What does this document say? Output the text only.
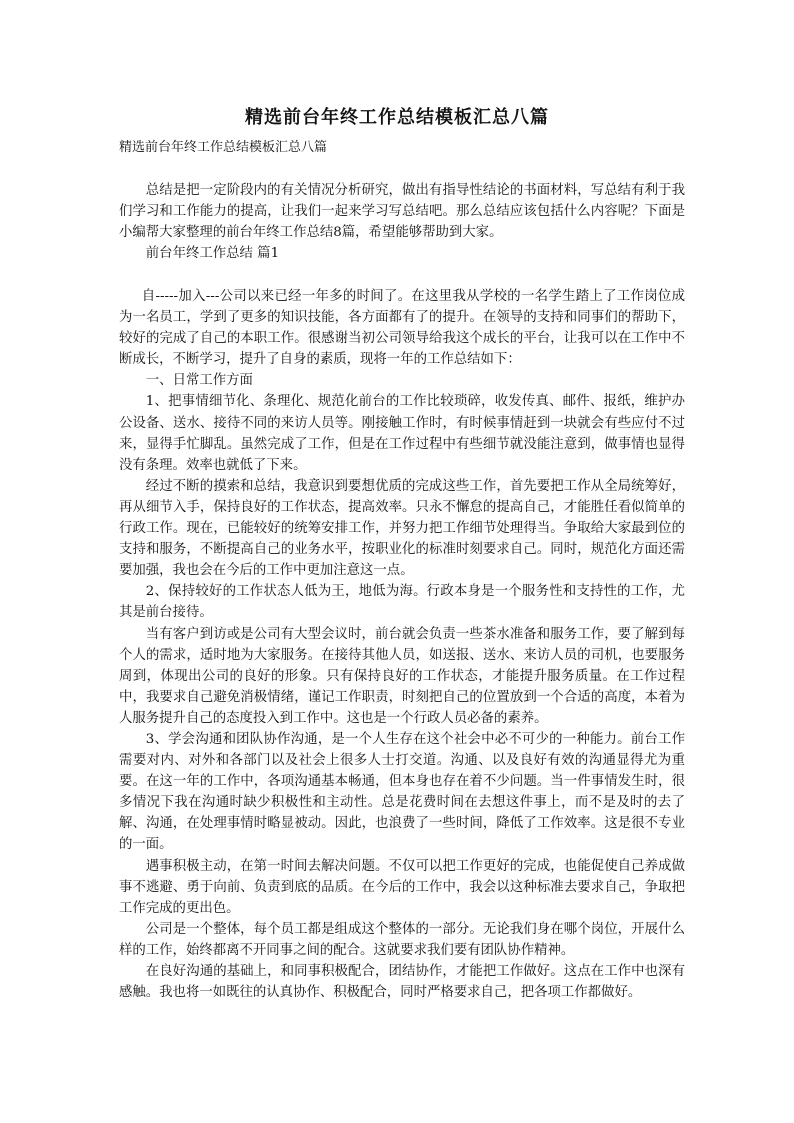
精选前台年终工作总结模板汇总八篇
精选前台年终工作总结模板汇总八篇

总结是把一定阶段内的有关情况分析研究，做出有指导性结论的书面材料，写总结有利于我们学习和工作能力的提高，让我们一起来学习写总结吧。那么总结应该包括什么内容呢？下面是小编帮大家整理的前台年终工作总结8篇，希望能够帮助到大家。

前台年终工作总结 篇1

自-----加入---公司以来已经一年多的时间了。在这里我从学校的一名学生踏上了工作岗位成为一名员工，学到了更多的知识技能，各方面都有了的提升。在领导的支持和同事们的帮助下，较好的完成了自己的本职工作。很感谢当初公司领导给我这个成长的平台，让我可以在工作中不断成长，不断学习，提升了自身的素质，现将一年的工作总结如下：

一、日常工作方面

1、把事情细节化、条理化、规范化前台的工作比较琐碎，收发传真、邮件、报纸，维护办公设备、送水、接待不同的来访人员等。刚接触工作时，有时候事情赶到一块就会有些应付不过来，显得手忙脚乱。虽然完成了工作，但是在工作过程中有些细节就没能注意到，做事情也显得没有条理。效率也就低了下来。

经过不断的摸索和总结，我意识到要想优质的完成这些工作，首先要把工作从全局统筹好，再从细节入手，保持良好的工作状态，提高效率。只永不懈怠的提高自己，才能胜任看似简单的行政工作。现在，已能较好的统筹安排工作，并努力把工作细节处理得当。争取给大家最到位的支持和服务，不断提高自己的业务水平，按职业化的标准时刻要求自己。同时，规范化方面还需要加强，我也会在今后的工作中更加注意这一点。

2、保持较好的工作状态人低为王，地低为海。行政本身是一个服务性和支持性的工作，尤其是前台接待。

当有客户到访或是公司有大型会议时，前台就会负责一些茶水准备和服务工作，要了解到每个人的需求，适时地为大家服务。在接待其他人员，如送报、送水、来访人员的司机，也要服务周到，体现出公司的良好的形象。只有保持良好的工作状态，才能提升服务质量。在工作过程中，我要求自己避免消极情绪，谨记工作职责，时刻把自己的位置放到一个合适的高度，本着为人服务提升自己的态度投入到工作中。这也是一个行政人员必备的素养。

3、学会沟通和团队协作沟通，是一个人生存在这个社会中必不可少的一种能力。前台工作需要对内、对外和各部门以及社会上很多人士打交道。沟通、以及良好有效的沟通显得尤为重要。在这一年的工作中，各项沟通基本畅通，但本身也存在着不少问题。当一件事情发生时，很多情况下我在沟通时缺少积极性和主动性。总是花费时间在去想这件事上，而不是及时的去了解、沟通，在处理事情时略显被动。因此，也浪费了一些时间，降低了工作效率。这是很不专业的一面。

遇事积极主动，在第一时间去解决问题。不仅可以把工作更好的完成，也能促使自己养成做事不逃避、勇于向前、负责到底的品质。在今后的工作中，我会以这种标准去要求自己，争取把工作完成的更出色。

公司是一个整体，每个员工都是组成这个整体的一部分。无论我们身在哪个岗位，开展什么样的工作，始终都离不开同事之间的配合。这就要求我们要有团队协作精神。

在良好沟通的基础上，和同事积极配合，团结协作，才能把工作做好。这点在工作中也深有感触。我也将一如既往的认真协作、积极配合，同时严格要求自己，把各项工作都做好。
